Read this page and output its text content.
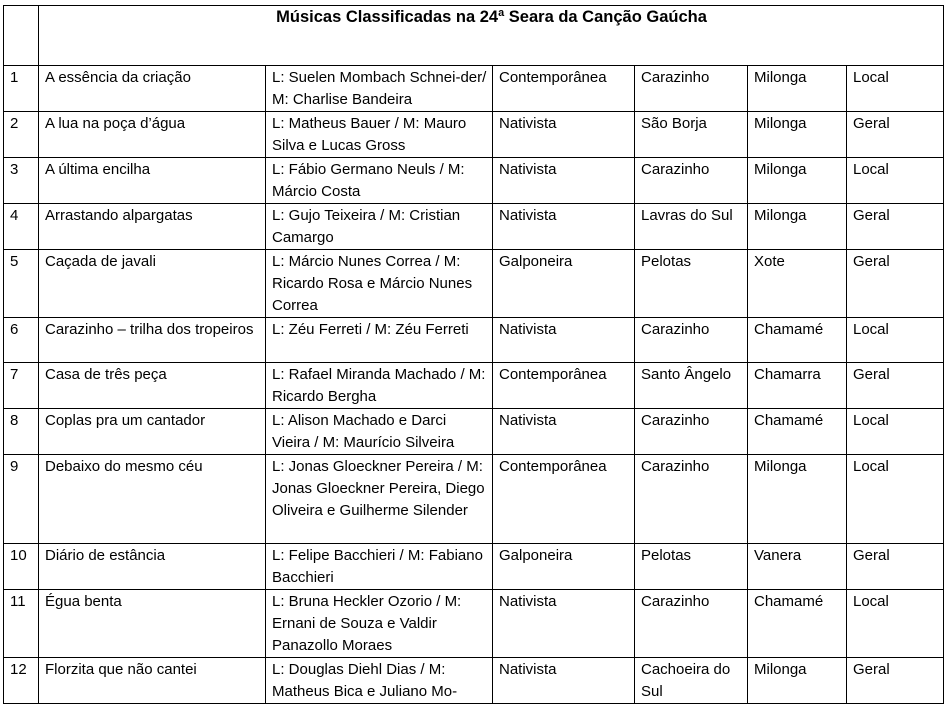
	Músicas Classificadas na 24ª Seara da Canção Gaúcha					
1	A essência da criação	L: Suelen Mombach Schnei-der/ M: Charlise Bandeira	Contemporânea	Carazinho	Milonga	Local
2	A lua na poça d’água	L: Matheus Bauer / M: Mauro Silva e Lucas Gross	Nativista	São Borja	Milonga	Geral
3	A última encilha	L: Fábio Germano Neuls / M: Márcio Costa	Nativista	Carazinho	Milonga	Local
4	Arrastando alpargatas	L: Gujo Teixeira / M: Cristian Camargo	Nativista	Lavras do Sul	Milonga	Geral
5	Caçada de javali	L: Márcio Nunes Correa / M: Ricardo Rosa e Márcio Nunes Correa	Galponeira	Pelotas	Xote	Geral
6	Carazinho – trilha dos tropeiros	L: Zéu Ferreti / M: Zéu Ferreti	Nativista	Carazinho	Chamamé	Local
7	Casa de três peça	L: Rafael Miranda Machado / M: Ricardo Bergha	Contemporânea	Santo Ângelo	Chamarra	Geral
8	Coplas pra um cantador	L: Alison Machado e Darci Vieira / M: Maurício Silveira	Nativista	Carazinho	Chamamé	Local
9	Debaixo do mesmo céu	L: Jonas Gloeckner Pereira / M: Jonas Gloeckner Pereira, Diego Oliveira e Guilherme Silender	Contemporânea	Carazinho	Milonga	Local
10	Diário de estância	L: Felipe Bacchieri / M: Fabiano Bacchieri	Galponeira	Pelotas	Vanera	Geral
11	Égua benta	L: Bruna Heckler Ozorio / M: Ernani de Souza e Valdir Panazollo Moraes	Nativista	Carazinho	Chamamé	Local
12	Florzita que não cantei	L: Douglas Diehl Dias / M: Matheus Bica e Juliano Mo-	Nativista	Cachoeira do Sul	Milonga	Geral
